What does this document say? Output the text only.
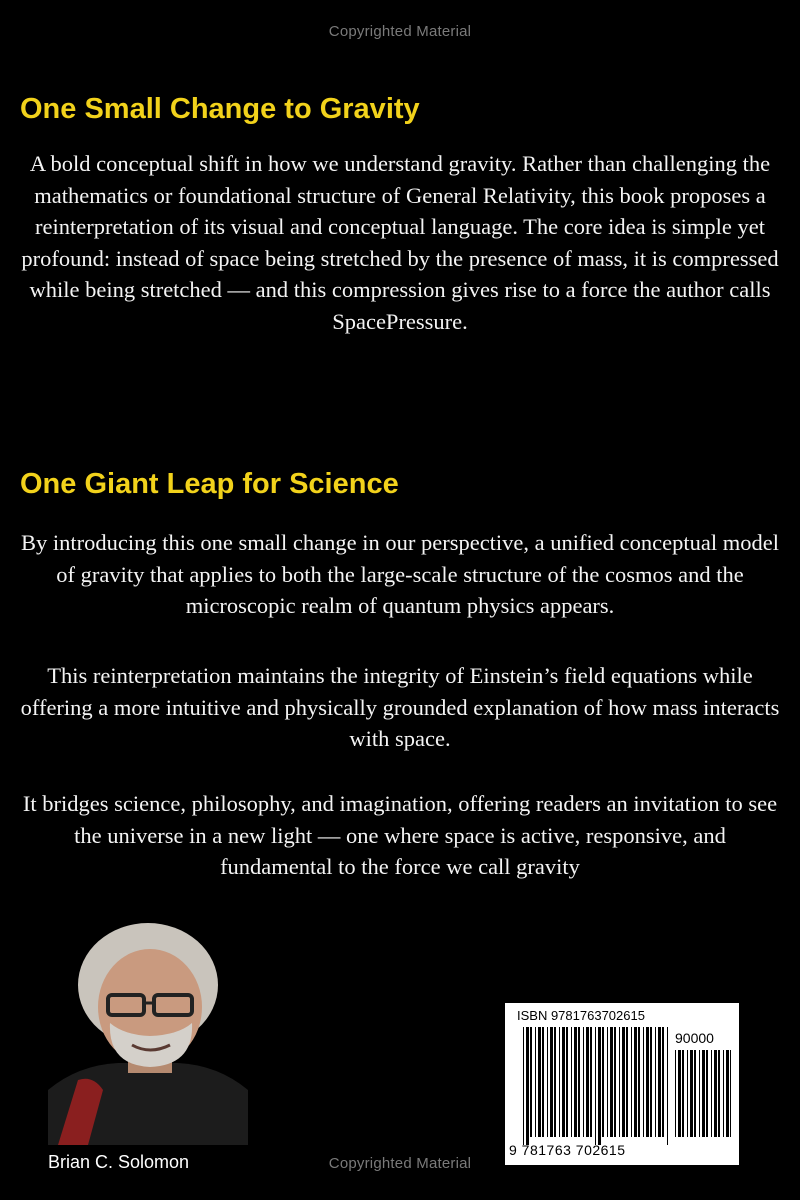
Copyrighted Material
One Small Change to Gravity

A bold conceptual shift in how we understand gravity. Rather than challenging the mathematics or foundational structure of General Relativity, this book proposes a reinterpretation of its visual and conceptual language. The core idea is simple yet profound: instead of space being stretched by the presence of mass, it is compressed while being stretched — and this compression gives rise to a force the author calls SpacePressure.

One Giant Leap for Science

By introducing this one small change in our perspective, a unified conceptual model of gravity that applies to both the large-scale structure of the cosmos and the microscopic realm of quantum physics appears.

This reinterpretation maintains the integrity of Einstein’s field equations while offering a more intuitive and physically grounded explanation of how mass interacts with space.

It bridges science, philosophy, and imagination, offering readers an invitation to see the universe in a new light — one where space is active, responsive, and fundamental to the force we call gravity

Brian C. Solomon
ISBN 9781763702615
90000
9 781763 702615
Copyrighted Material
